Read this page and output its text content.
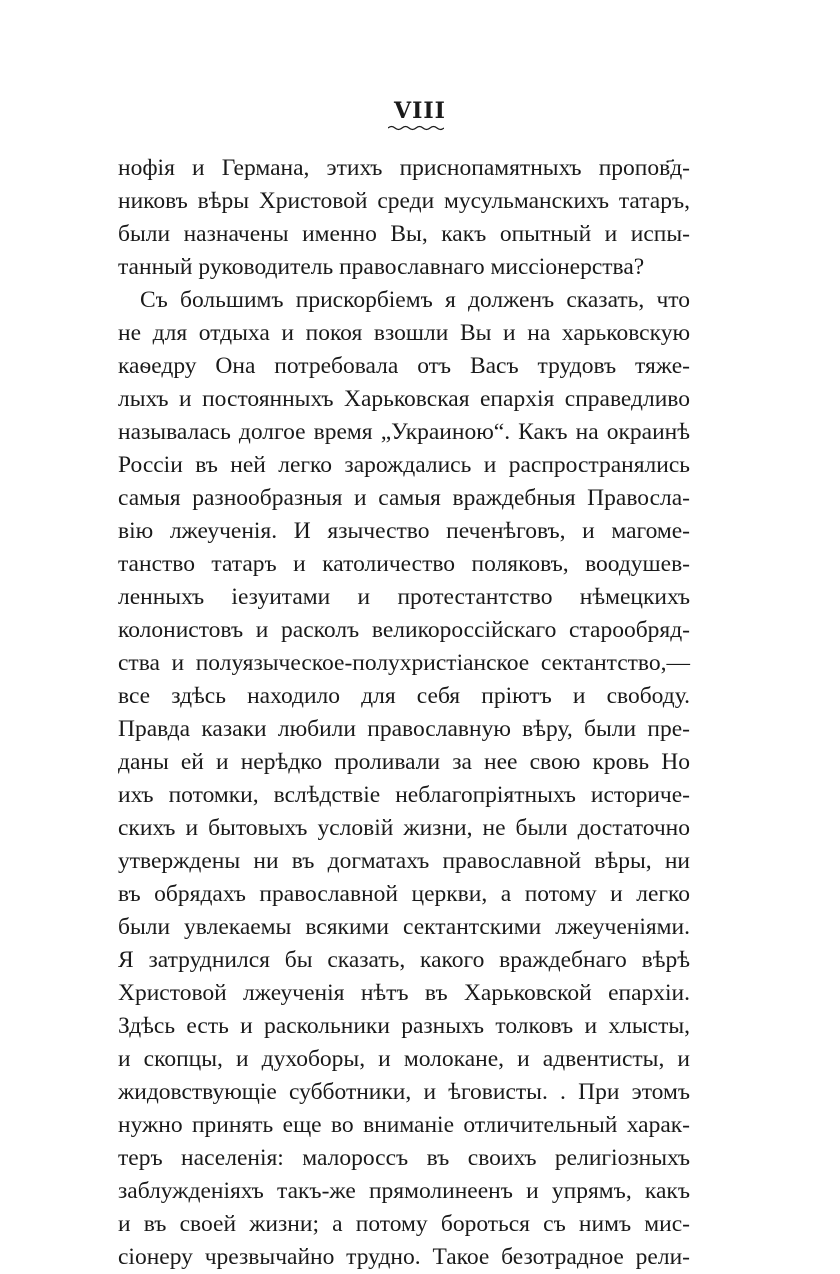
VIII
нофія и Германа, этихъ приснопамятныхъ пропов҃д-
никовъ вѣры Христовой среди мусульманскихъ татаръ,
были назначены именно Вы, какъ опытный и испы-
танный руководитель православнаго миссіонерства?
Съ большимъ прискорбіемъ я долженъ сказать, что
не для отдыха и покоя взошли Вы и на харьковскую
каѳедру Она потребовала отъ Васъ трудовъ тяже-
лыхъ и постоянныхъ Харьковская епархія справедливо
называлась долгое время „Украиною“. Какъ на окраинѣ
Россіи въ ней легко зарождались и распространялись
самыя разнообразныя и самыя враждебныя Правосла-
вію лжеученія. И язычество печенѣговъ, и магоме-
танство татаръ и католичество поляковъ, воодушев-
ленныхъ іезуитами и протестантство нѣмецкихъ
колонистовъ и расколъ великороссійскаго старообряд-
ства и полуязыческое-полухристіанское сектантство,—
все здѣсь находило для себя пріютъ и свободу.
Правда казаки любили православную вѣру, были пре-
даны ей и нерѣдко проливали за нее свою кровь Но
ихъ потомки, вслѣдствіе неблагопріятныхъ историче-
скихъ и бытовыхъ условій жизни, не были достаточно
утверждены ни въ догматахъ православной вѣры, ни
въ обрядахъ православной церкви, а потому и легко
были увлекаемы всякими сектантскими лжеученіями.
Я затруднился бы сказать, какого враждебнаго вѣрѣ
Христовой лжеученія нѣтъ въ Харьковской епархіи.
Здѣсь есть и раскольники разныхъ толковъ и хлысты,
и скопцы, и духоборы, и молокане, и адвентисты, и
жидовствующіе субботники, и ѣговисты. . При этомъ
нужно принять еще во вниманіе отличительный харак-
теръ населенія: малороссъ въ своихъ религіозныхъ
заблужденіяхъ такъ-же прямолинеенъ и упрямъ, какъ
и въ своей жизни; а потому бороться съ нимъ мис-
сіонеру чрезвычайно трудно. Такое безотрадное рели-
